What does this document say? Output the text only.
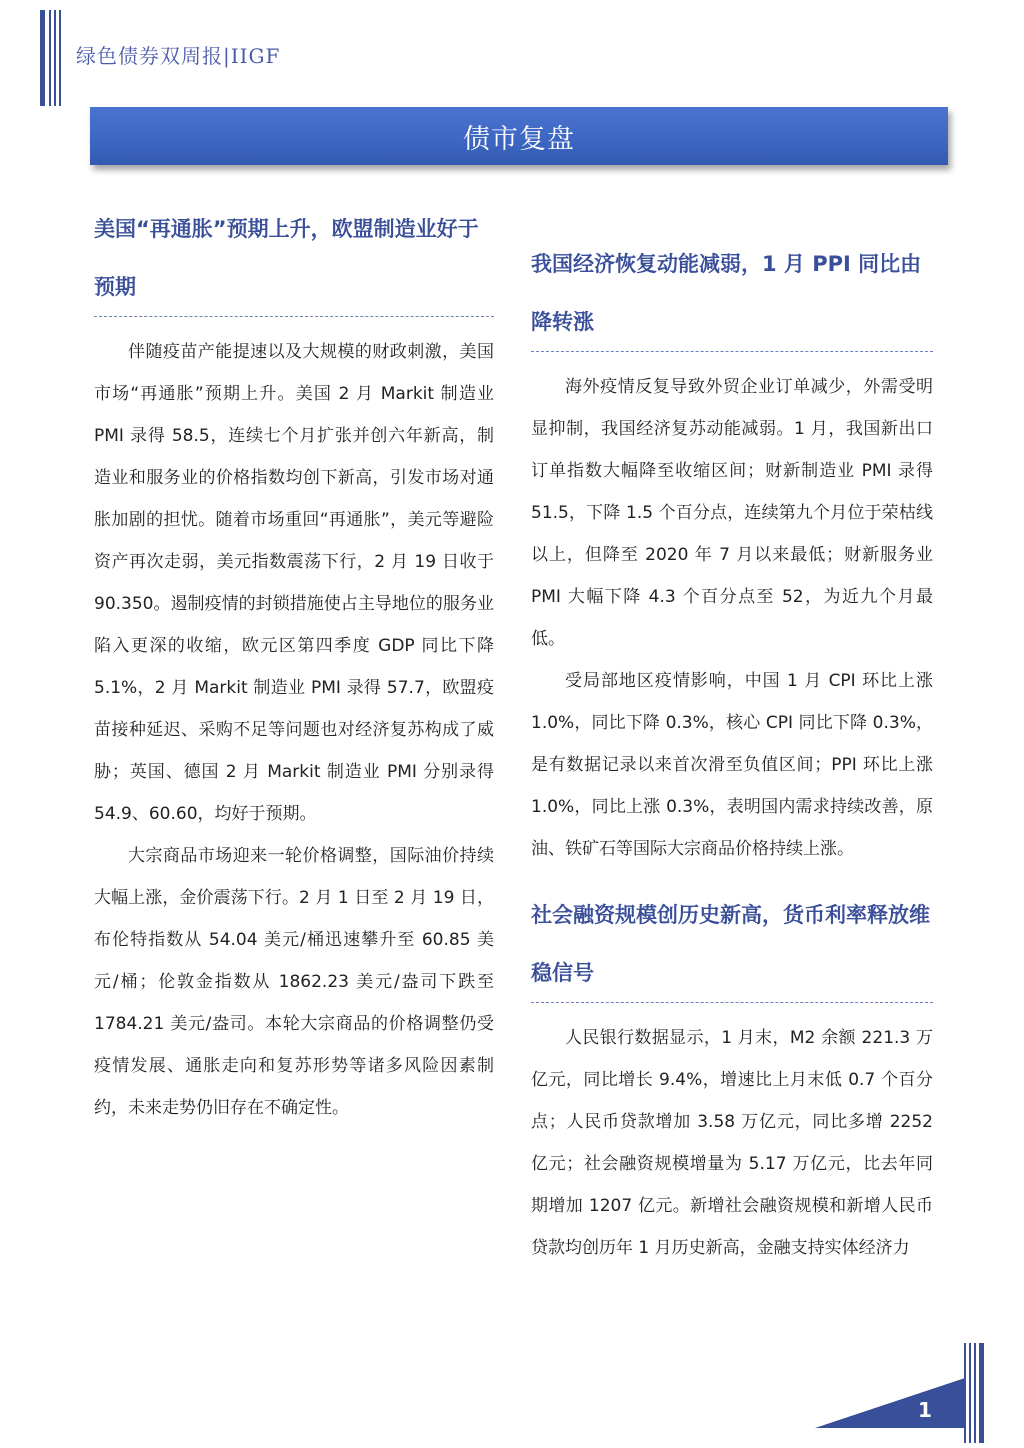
绿色债券双周报|IIGF
债市复盘
美国“再通胀”预期上升，欧盟制造业好于预期

伴随疫苗产能提速以及大规模的财政刺激，美国市场“再通胀”预期上升。美国 2 月 Markit 制造业 PMI 录得 58.5，连续七个月扩张并创六年新高，制造业和服务业的价格指数均创下新高，引发市场对通胀加剧的担忧。随着市场重回“再通胀”，美元等避险资产再次走弱，美元指数震荡下行，2 月 19 日收于 90.350。遏制疫情的封锁措施使占主导地位的服务业陷入更深的收缩，欧元区第四季度 GDP 同比下降 5.1%，2 月 Markit 制造业 PMI 录得 57.7，欧盟疫苗接种延迟、采购不足等问题也对经济复苏构成了威胁；英国、德国 2 月 Markit 制造业 PMI 分别录得 54.9、60.60，均好于预期。

大宗商品市场迎来一轮价格调整，国际油价持续大幅上涨，金价震荡下行。2 月 1 日至 2 月 19 日，布伦特指数从 54.04 美元/桶迅速攀升至 60.85 美元/桶；伦敦金指数从 1862.23 美元/盎司下跌至 1784.21 美元/盎司。本轮大宗商品的价格调整仍受疫情发展、通胀走向和复苏形势等诸多风险因素制约，未来走势仍旧存在不确定性。

我国经济恢复动能减弱，1 月 PPI 同比由降转涨

海外疫情反复导致外贸企业订单减少，外需受明显抑制，我国经济复苏动能减弱。1 月，我国新出口订单指数大幅降至收缩区间；财新制造业 PMI 录得 51.5，下降 1.5 个百分点，连续第九个月位于荣枯线以上，但降至 2020 年 7 月以来最低；财新服务业 PMI 大幅下降 4.3 个百分点至 52，为近九个月最低。

受局部地区疫情影响，中国 1 月 CPI 环比上涨 1.0%，同比下降 0.3%，核心 CPI 同比下降 0.3%，是有数据记录以来首次滑至负值区间；PPI 环比上涨 1.0%，同比上涨 0.3%，表明国内需求持续改善，原油、铁矿石等国际大宗商品价格持续上涨。

社会融资规模创历史新高，货币利率释放维稳信号

人民银行数据显示，1 月末，M2 余额 221.3 万亿元，同比增长 9.4%，增速比上月末低 0.7 个百分点；人民币贷款增加 3.58 万亿元，同比多增 2252 亿元；社会融资规模增量为 5.17 万亿元，比去年同期增加 1207 亿元。新增社会融资规模和新增人民币贷款均创历年 1 月历史新高，金融支持实体经济力

1
